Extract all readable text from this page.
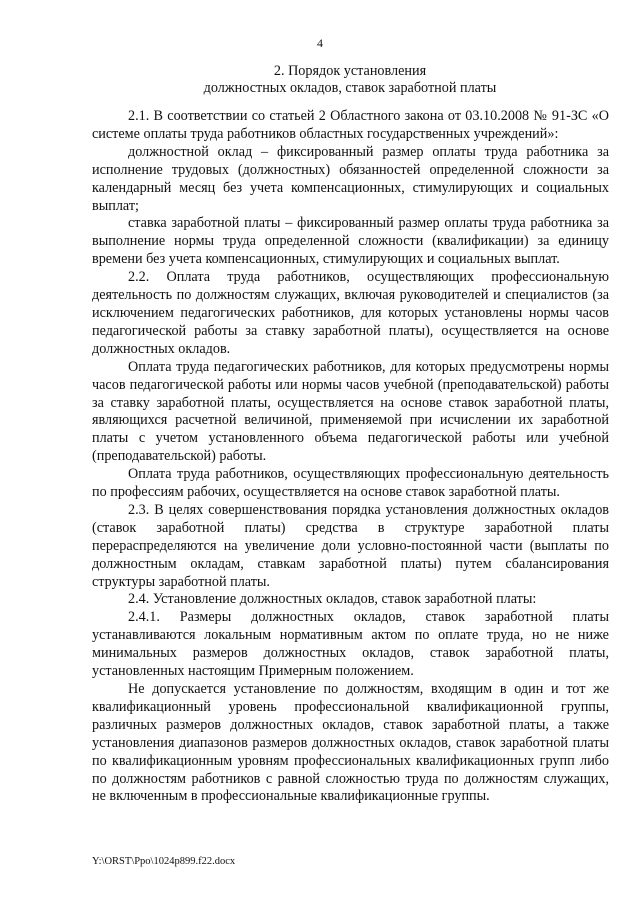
4
2. Порядок установления
должностных окладов, ставок заработной платы

2.1. В соответствии со статьей 2 Областного закона от 03.10.2008 № 91-ЗС «О системе оплаты труда работников областных государственных учреждений»:

должностной оклад – фиксированный размер оплаты труда работника за исполнение трудовых (должностных) обязанностей определенной сложности за календарный месяц без учета компенсационных, стимулирующих и социальных выплат;

ставка заработной платы – фиксированный размер оплаты труда работника за выполнение нормы труда определенной сложности (квалификации) за единицу времени без учета компенсационных, стимулирующих и социальных выплат.

2.2. Оплата труда работников, осуществляющих профессиональную деятельность по должностям служащих, включая руководителей и специалистов (за исключением педагогических работников, для которых установлены нормы часов педагогической работы за ставку заработной платы), осуществляется на основе должностных окладов.

Оплата труда педагогических работников, для которых предусмотрены нормы часов педагогической работы или нормы часов учебной (преподавательской) работы за ставку заработной платы, осуществляется на основе ставок заработной платы, являющихся расчетной величиной, применяемой при исчислении их заработной платы с учетом установленного объема педагогической работы или учебной (преподавательской) работы.

Оплата труда работников, осуществляющих профессиональную деятельность по профессиям рабочих, осуществляется на основе ставок заработной платы.

2.3. В целях совершенствования порядка установления должностных окладов (ставок заработной платы) средства в структуре заработной платы перераспределяются на увеличение доли условно-постоянной части (выплаты по должностным окладам, ставкам заработной платы) путем сбалансирования структуры заработной платы.

2.4. Установление должностных окладов, ставок заработной платы:

2.4.1. Размеры должностных окладов, ставок заработной платы устанавливаются локальным нормативным актом по оплате труда, но не ниже минимальных размеров должностных окладов, ставок заработной платы, установленных настоящим Примерным положением.

Не допускается установление по должностям, входящим в один и тот же квалификационный уровень профессиональной квалификационной группы, различных размеров должностных окладов, ставок заработной платы, а также установления диапазонов размеров должностных окладов, ставок заработной платы по квалификационным уровням профессиональных квалификационных групп либо по должностям работников с равной сложностью труда по должностям служащих, не включенным в профессиональные квалификационные группы.

Y:\ORST\Ppo\1024p899.f22.docx
